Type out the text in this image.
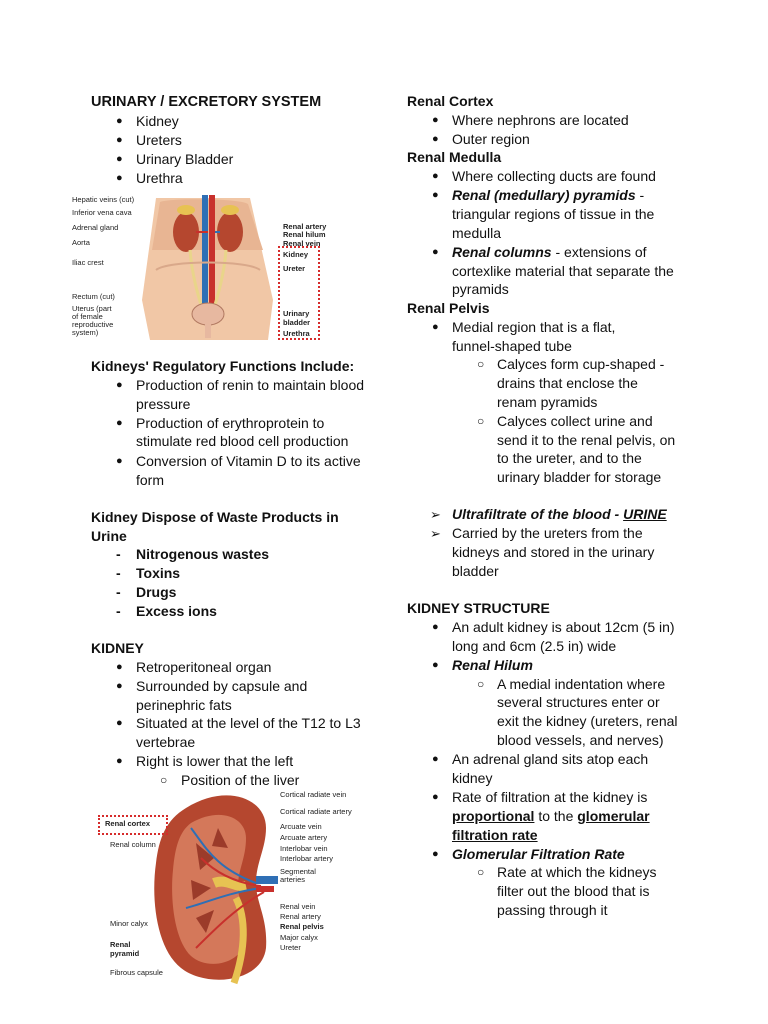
URINARY / EXCRETORY SYSTEM
● Kidney
● Ureters
● Urinary Bladder
● Urethra
Hepatic veins (cut)
Inferior vena cava
Adrenal gland
Aorta
Iliac crest
Rectum (cut)
Uterus (part
of female
reproductive
system)
Renal artery
Renal hilum
Renal vein
Kidney
Ureter
Urinary
bladder
Urethra
Kidneys' Regulatory Functions Include:
● Production of renin to maintain blood
pressure
● Production of erythroprotein to
stimulate red blood cell production
● Conversion of Vitamin D to its active
form
Kidney Dispose of Waste Products in
Urine
- Nitrogenous wastes
- Toxins
- Drugs
- Excess ions
KIDNEY
● Retroperitoneal organ
● Surrounded by capsule and
perinephric fats
● Situated at the level of the T12 to L3
vertebrae
● Right is lower that the left
○ Position of the liver
Cortical radiate vein
Cortical radiate artery
Arcuate vein
Arcuate artery
Interlobar vein
Interlobar artery
Segmental
arteries
Renal vein
Renal artery
Renal pelvis
Major calyx
Ureter
Renal cortex
Renal column
Minor calyx
Renal
pyramid
Fibrous capsule
Renal Cortex
● Where nephrons are located
● Outer region
Renal Medulla
● Where collecting ducts are found
● Renal (medullary) pyramids -
triangular regions of tissue in the
medulla
● Renal columns - extensions of
cortexlike material that separate the
pyramids
Renal Pelvis
● Medial region that is a flat,
funnel-shaped tube
○ Calyces form cup-shaped -
drains that enclose the
renam pyramids
○ Calyces collect urine and
send it to the renal pelvis, on
to the ureter, and to the
urinary bladder for storage
➢ Ultrafiltrate of the blood - URINE
➢ Carried by the ureters from the
kidneys and stored in the urinary
bladder
KIDNEY STRUCTURE
● An adult kidney is about 12cm (5 in)
long and 6cm (2.5 in) wide
● Renal Hilum
○ A medial indentation where
several structures enter or
exit the kidney (ureters, renal
blood vessels, and nerves)
● An adrenal gland sits atop each
kidney
● Rate of filtration at the kidney is
proportional to the glomerular
filtration rate
● Glomerular Filtration Rate
○ Rate at which the kidneys
filter out the blood that is
passing through it
